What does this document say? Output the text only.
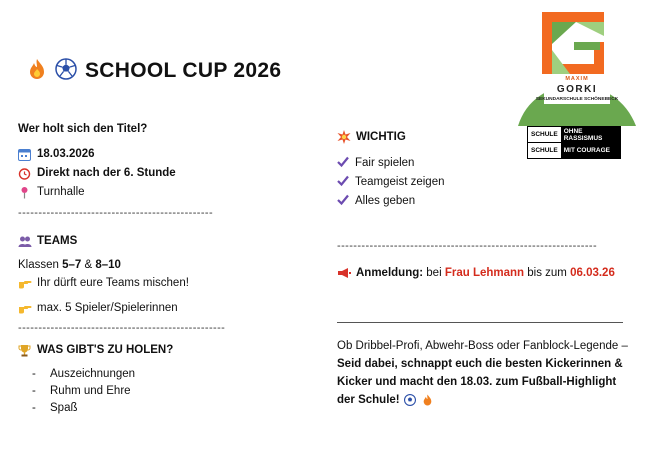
SCHOOL CUP 2026
Wer holt sich den Titel?
18.03.2026
Direkt nach der 6. Stunde
Turnhalle
------------------------------------------------
TEAMS
Klassen 5–7 & 8–10
Ihr dürft eure Teams mischen!
max. 5 Spieler/Spielerinnen
---------------------------------------------------
WAS GIBT'S ZU HOLEN?
- Auszeichnungen
- Ruhm und Ehre
- Spaß
WICHTIG
Fair spielen
Teamgeist zeigen
Alles geben
----------------------------------------------------------------
Anmeldung: bei Frau Lehmann bis zum 06.03.26
Ob Dribbel-Profi, Abwehr-Boss oder Fanblock-Legende –
Seid dabei, schnappt euch die besten Kickerinnen &
Kicker und macht den 18.03. zum Fußball-Highlight
der Schule!
MAXIM
GORKI
SEKUNDARSCHULE SCHÖNEBECK
SCHULE OHNE RASSISMUS
SCHULE MIT COURAGE
